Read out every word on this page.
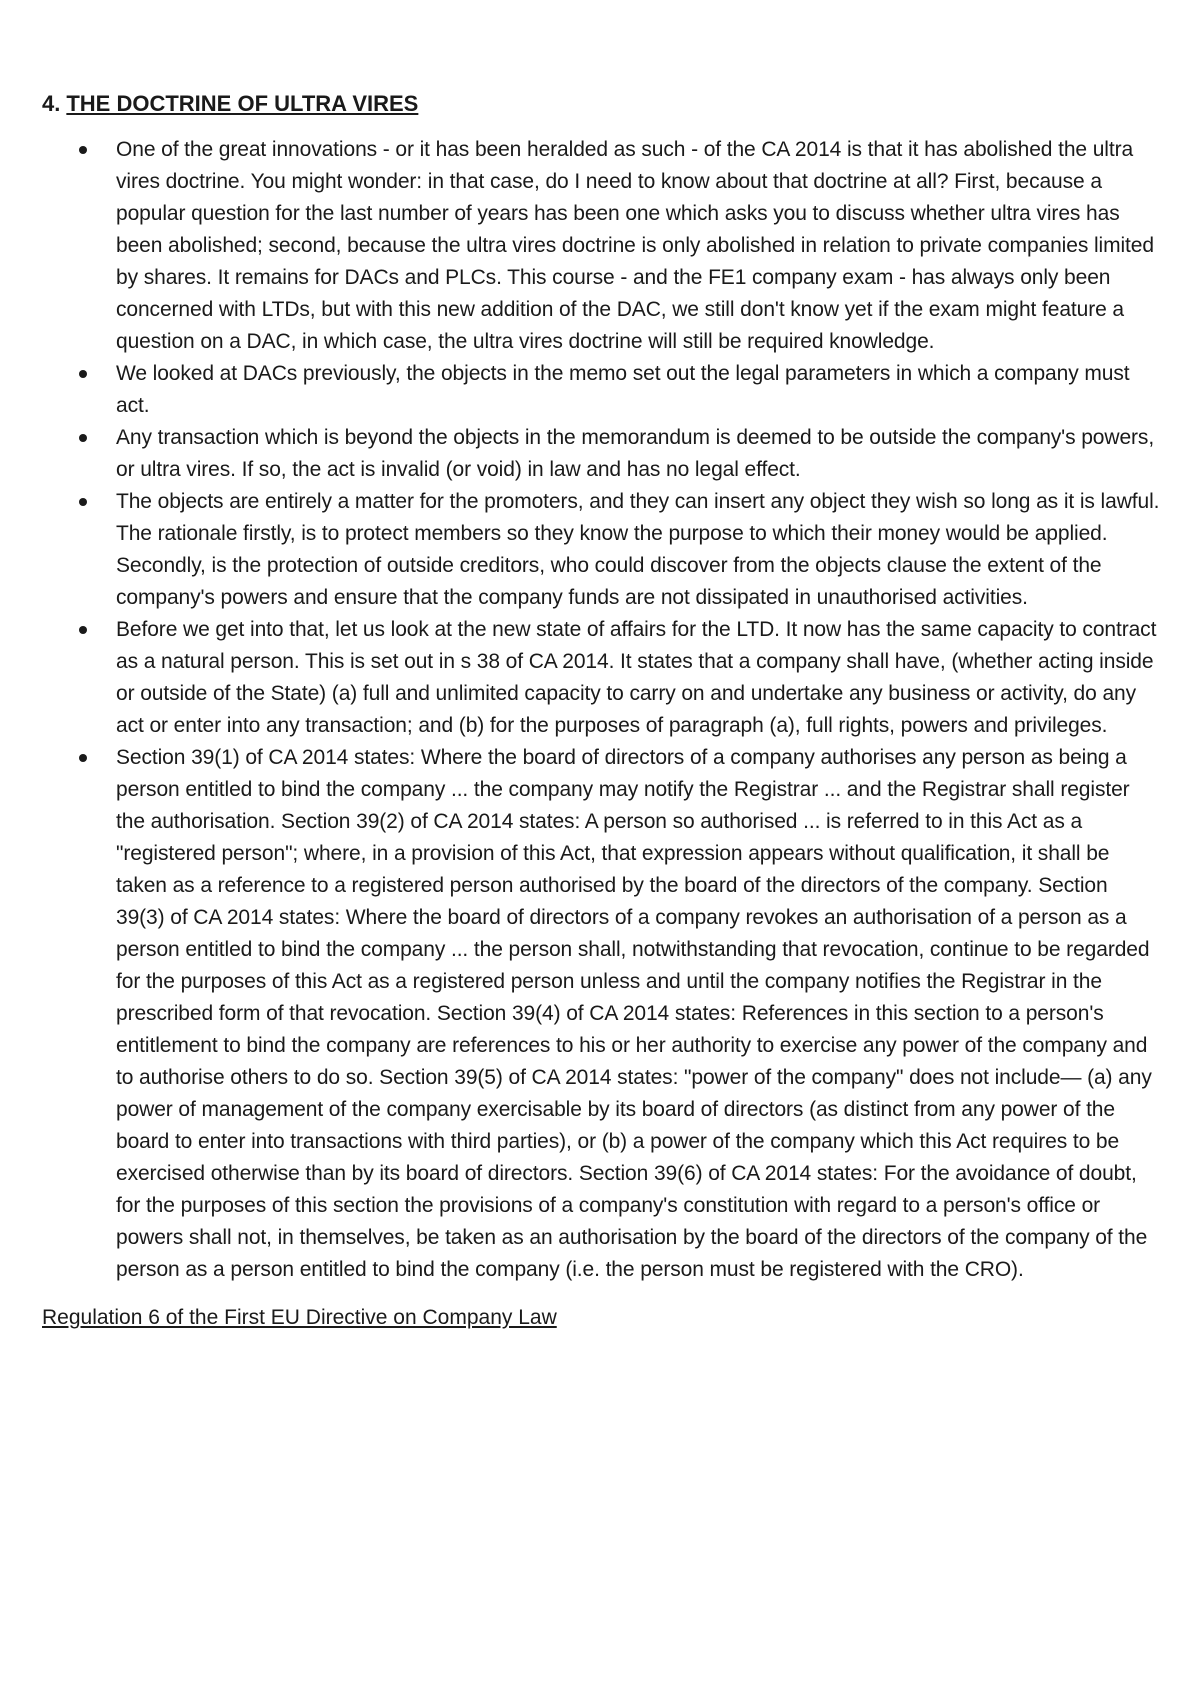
4. THE DOCTRINE OF ULTRA VIRES
One of the great innovations - or it has been heralded as such - of the CA 2014 is that it has abolished the ultra vires doctrine. You might wonder: in that case, do I need to know about that doctrine at all? First, because a popular question for the last number of years has been one which asks you to discuss whether ultra vires has been abolished; second, because the ultra vires doctrine is only abolished in relation to private companies limited by shares. It remains for DACs and PLCs. This course - and the FE1 company exam - has always only been concerned with LTDs, but with this new addition of the DAC, we still don't know yet if the exam might feature a question on a DAC, in which case, the ultra vires doctrine will still be required knowledge.
We looked at DACs previously, the objects in the memo set out the legal parameters in which a company must act.
Any transaction which is beyond the objects in the memorandum is deemed to be outside the company's powers, or ultra vires. If so, the act is invalid (or void) in law and has no legal effect.
The objects are entirely a matter for the promoters, and they can insert any object they wish so long as it is lawful. The rationale firstly, is to protect members so they know the purpose to which their money would be applied. Secondly, is the protection of outside creditors, who could discover from the objects clause the extent of the company's powers and ensure that the company funds are not dissipated in unauthorised activities.
Before we get into that, let us look at the new state of affairs for the LTD. It now has the same capacity to contract as a natural person. This is set out in s 38 of CA 2014. It states that a company shall have, (whether acting inside or outside of the State) (a) full and unlimited capacity to carry on and undertake any business or activity, do any act or enter into any transaction; and (b) for the purposes of paragraph (a), full rights, powers and privileges.
Section 39(1) of CA 2014 states: Where the board of directors of a company authorises any person as being a person entitled to bind the company ... the company may notify the Registrar ... and the Registrar shall register the authorisation. Section 39(2) of CA 2014 states: A person so authorised ... is referred to in this Act as a "registered person"; where, in a provision of this Act, that expression appears without qualification, it shall be taken as a reference to a registered person authorised by the board of the directors of the company. Section 39(3) of CA 2014 states: Where the board of directors of a company revokes an authorisation of a person as a person entitled to bind the company ... the person shall, notwithstanding that revocation, continue to be regarded for the purposes of this Act as a registered person unless and until the company notifies the Registrar in the prescribed form of that revocation. Section 39(4) of CA 2014 states: References in this section to a person's entitlement to bind the company are references to his or her authority to exercise any power of the company and to authorise others to do so. Section 39(5) of CA 2014 states: "power of the company" does not include— (a) any power of management of the company exercisable by its board of directors (as distinct from any power of the board to enter into transactions with third parties), or (b) a power of the company which this Act requires to be exercised otherwise than by its board of directors. Section 39(6) of CA 2014 states: For the avoidance of doubt, for the purposes of this section the provisions of a company's constitution with regard to a person's office or powers shall not, in themselves, be taken as an authorisation by the board of the directors of the company of the person as a person entitled to bind the company (i.e. the person must be registered with the CRO).
Regulation 6 of the First EU Directive on Company Law
